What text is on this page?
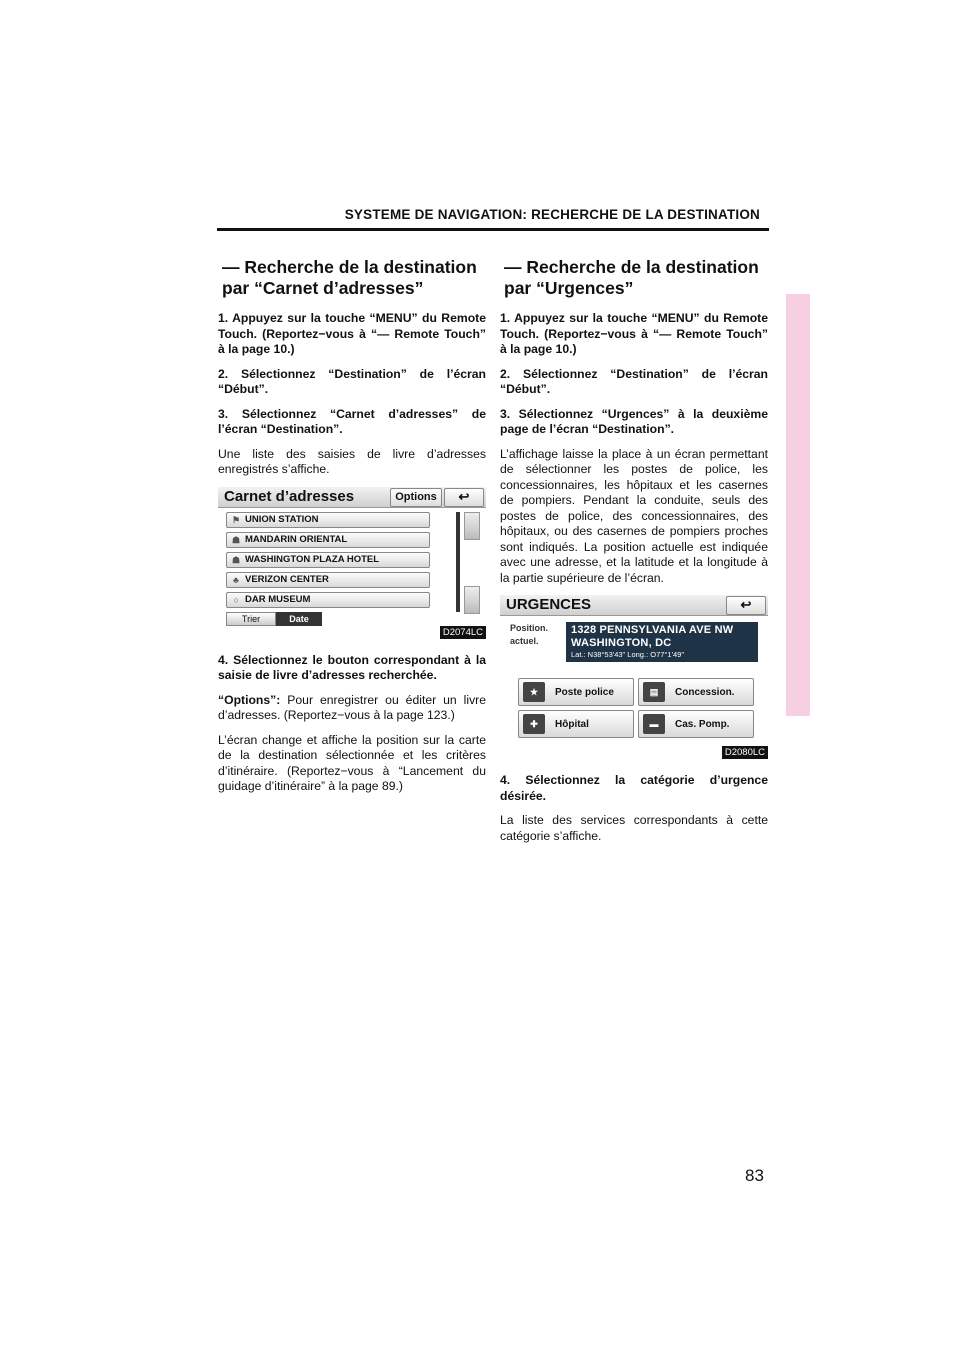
SYSTEME DE NAVIGATION: RECHERCHE DE LA DESTINATION
— Recherche de la destination
par “Carnet d’adresses”

1. Appuyez sur la touche “MENU” du Remote Touch. (Reportez−vous à “— Remote Touch” à la page 10.)

2. Sélectionnez “Destination” de l’écran “Début”.

3. Sélectionnez “Carnet d’adresses” de l’écran “Destination”.

Une liste des saisies de livre d’adresses enregistrés s’affiche.

Carnet d’adresses	Options	↩
⚑ UNION STATION
☗ MANDARIN ORIENTAL
☗ WASHINGTON PLAZA HOTEL
♣ VERIZON CENTER
○ DAR MUSEUM
Trier	Date
D2074LC

4. Sélectionnez le bouton correspondant à la saisie de livre d’adresses recherchée.

“Options”: Pour enregistrer ou éditer un livre d’adresses. (Reportez−vous à la page 123.)

L’écran change et affiche la position sur la carte de la destination sélectionnée et les critères d’itinéraire. (Reportez−vous à “Lancement du guidage d’itinéraire” à la page 89.)

— Recherche de la destination
par “Urgences”

1. Appuyez sur la touche “MENU” du Remote Touch. (Reportez−vous à “— Remote Touch” à la page 10.)

2. Sélectionnez “Destination” de l’écran “Début”.

3. Sélectionnez “Urgences” à la deuxième page de l’écran “Destination”.

L’affichage laisse la place à un écran permettant de sélectionner les postes de police, les concessionnaires, les hôpitaux et les casernes de pompiers. Pendant la conduite, seuls des postes de police, des concessionnaires, des hôpitaux, ou des casernes de pompiers proches sont indiqués. La position actuelle est indiquée avec une adresse, et la latitude et la longitude à la partie supérieure de l’écran.

URGENCES	↩
Position.
actuel.
1328 PENNSYLVANIA AVE NW
WASHINGTON, DC
Lat.: N38°53'43" Long.: O77°1'49"
★	Poste police	▤	Concession.
✚	Hôpital	▬	Cas. Pomp.
D2080LC

4. Sélectionnez la catégorie d’urgence désirée.

La liste des services correspondants à cette catégorie s’affiche.

83
